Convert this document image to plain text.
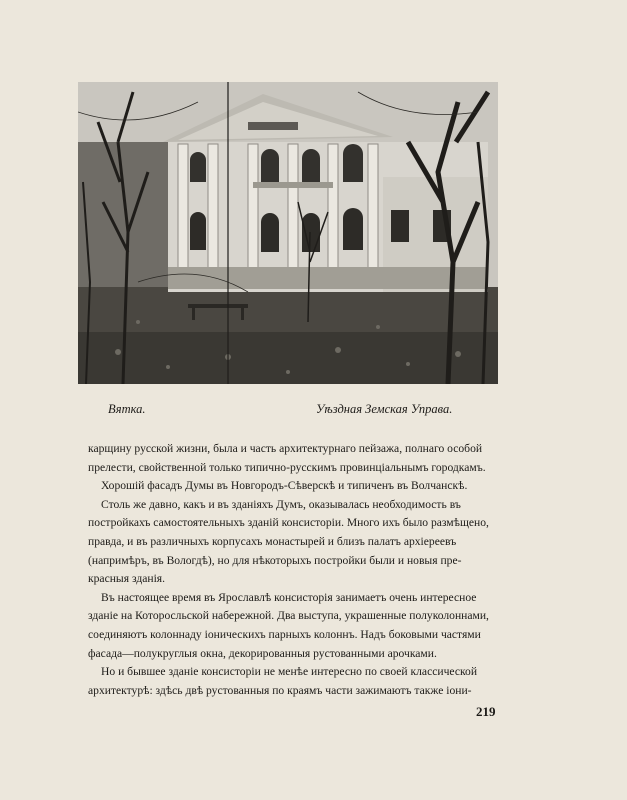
Вятка.	Уѣздная Земская Управа.
карщину русской жизни, была и часть архитектурнаго пейзажа, полнаго особой
прелести, свойственной только типично-русскимъ провинціальнымъ городкамъ.
Хорошій фасадъ Думы въ Новгородъ-Сѣверскѣ и типиченъ въ Волчанскѣ.
Столь же давно, какъ и въ зданіяхъ Думъ, оказывалась необходимость въ
постройкахъ самостоятельныхъ зданій консисторіи. Много ихъ было размѣщено,
правда, и въ различныхъ корпусахъ монастырей и близъ палатъ архіереевъ
(напримѣръ, въ Вологдѣ), но для нѣкоторыхъ постройки были и новыя пре-
красныя зданія.
Въ настоящее время въ Ярославлѣ консисторія занимаетъ очень интересное
зданіе на Которосльской набережной. Два выступа, украшенные полуколоннами,
соединяютъ колоннаду іоническихъ парныхъ колоннъ. Надъ боковыми частями
фасада—полукруглыя окна, декорированныя рустованными арочками.
Но и бывшее зданіе консисторіи не менѣе интересно по своей классической
архитектурѣ: здѣсь двѣ рустованныя по краямъ части зажимаютъ также іони-
219
